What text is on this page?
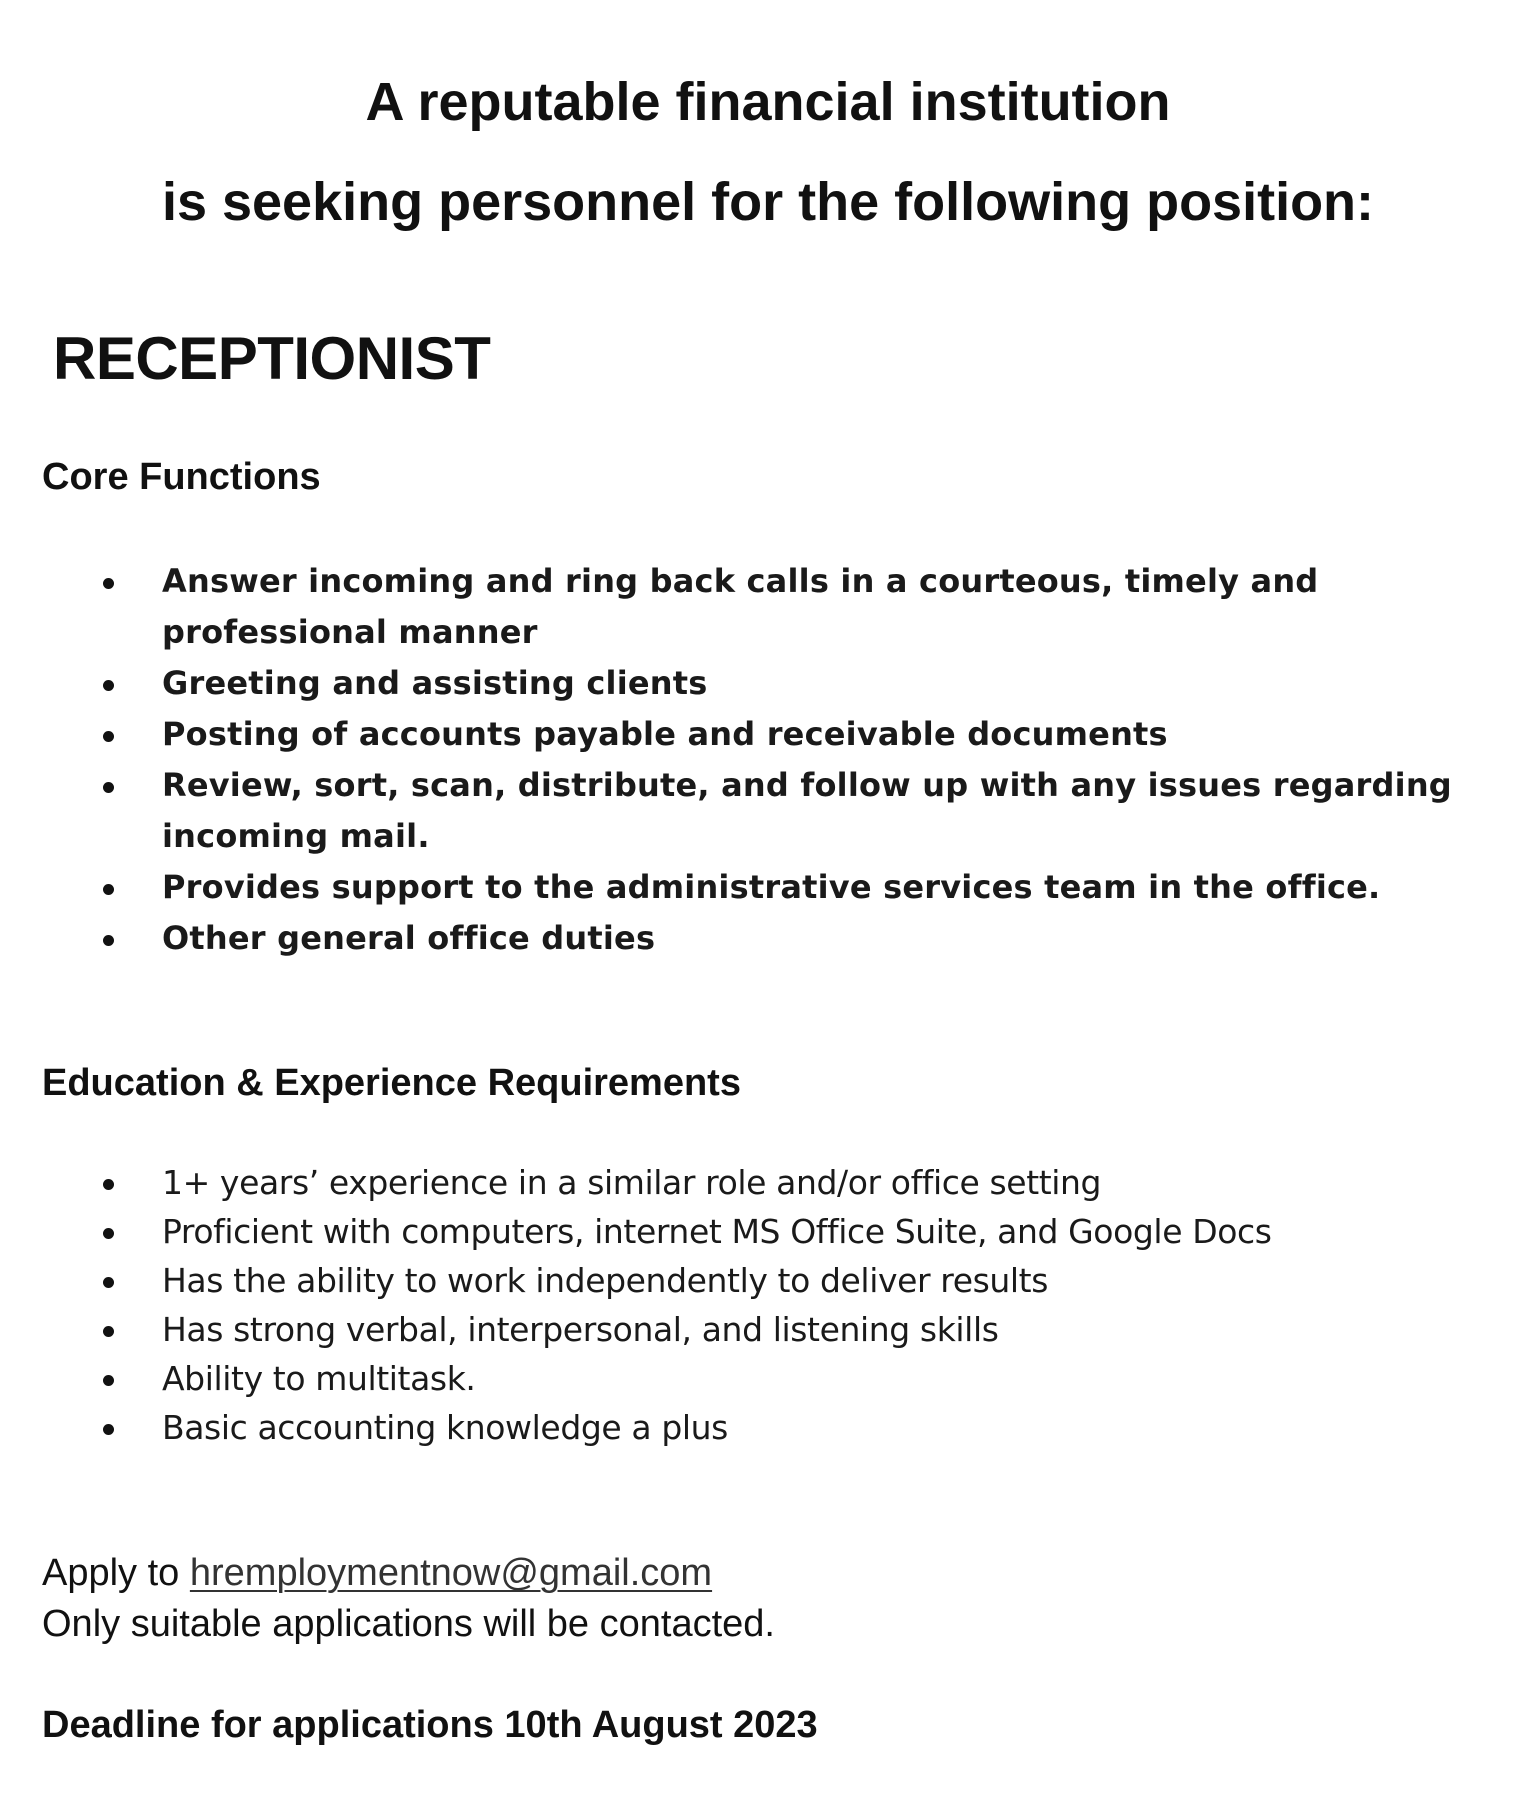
A reputable financial institution
is seeking personnel for the following position:
RECEPTIONIST
Core Functions
Answer incoming and ring back calls in a courteous, timely and professional manner
Greeting and assisting clients
Posting of accounts payable and receivable documents
Review, sort, scan, distribute, and follow up with any issues regarding incoming mail.
Provides support to the administrative services team in the office.
Other general office duties
Education & Experience Requirements
1+ years’ experience in a similar role and/or office setting
Proficient with computers, internet MS Office Suite, and Google Docs
Has the ability to work independently to deliver results
Has strong verbal, interpersonal, and listening skills
Ability to multitask.
Basic accounting knowledge a plus

Apply to hremploymentnow@gmail.com
Only suitable applications will be contacted.

Deadline for applications 10th August 2023
